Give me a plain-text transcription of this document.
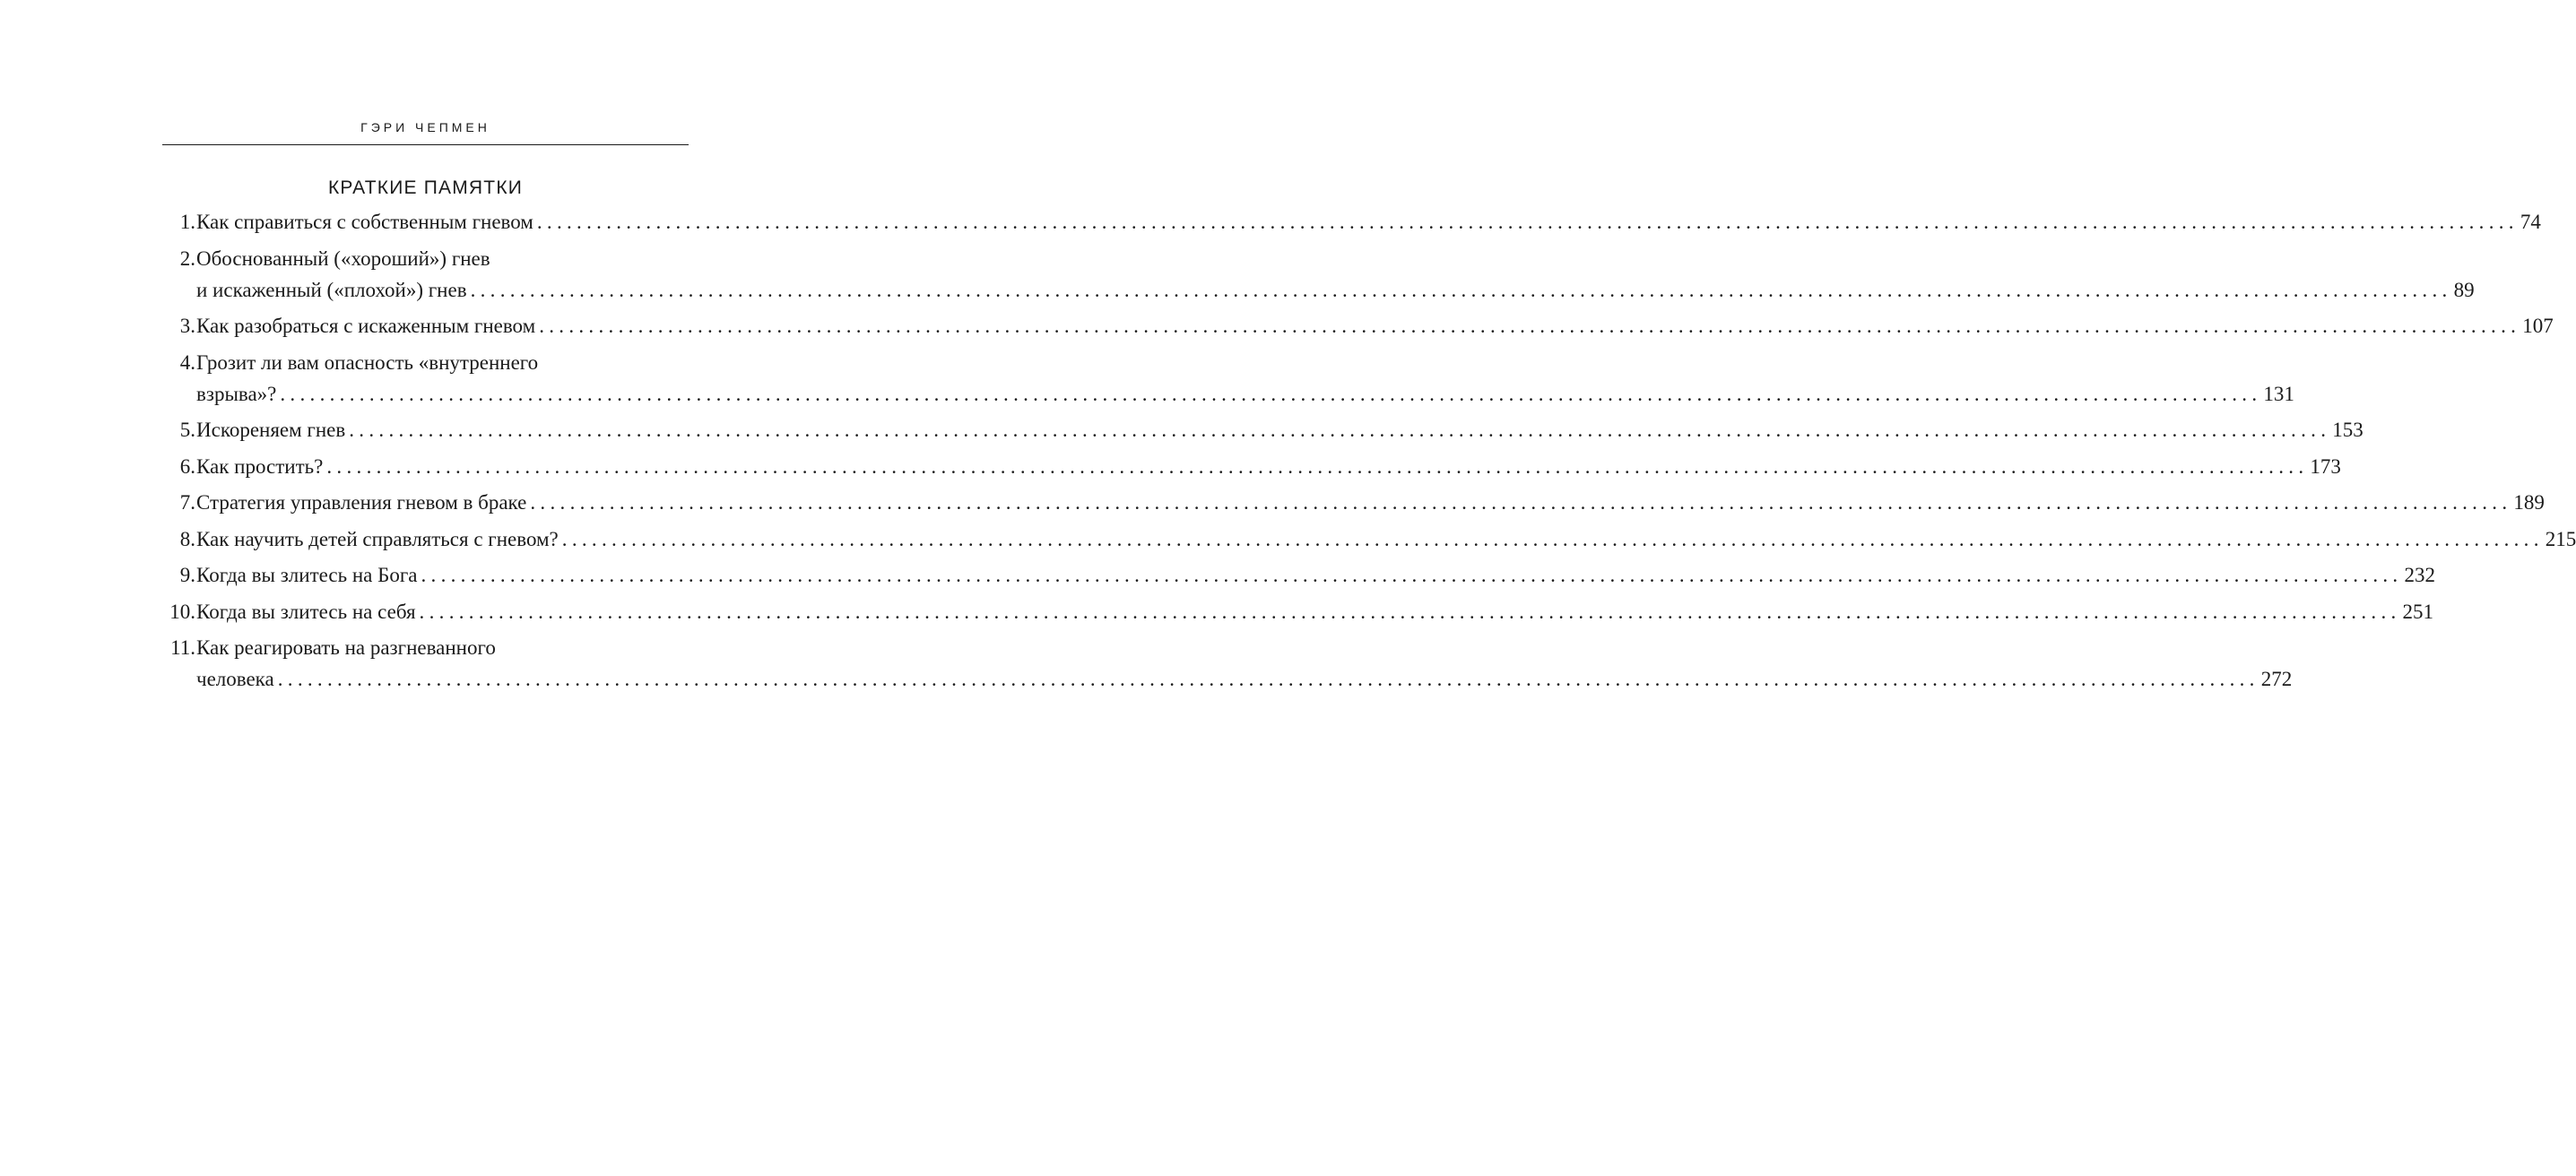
ГЭРИ ЧЕПМЕН
КРАТКИЕ ПАМЯТКИ
1. Как справиться с собственным гневом ........................................................................................................................................................................................................ 74
2. Обоснованный («хороший») гнев
и искаженный («плохой») гнев ........................................................................................................................................................................................................ 89
3. Как разобраться с искаженным гневом ........................................................................................................................................................................................................ 107
4. Грозит ли вам опасность «внутреннего
взрыва»? ........................................................................................................................................................................................................ 131
5. Искореняем гнев ........................................................................................................................................................................................................ 153
6. Как простить? ........................................................................................................................................................................................................ 173
7. Стратегия управления гневом в браке ........................................................................................................................................................................................................ 189
8. Как научить детей справляться с гневом? ........................................................................................................................................................................................................ 215
9. Когда вы злитесь на Бога ........................................................................................................................................................................................................ 232
10. Когда вы злитесь на себя ........................................................................................................................................................................................................ 251
11. Как реагировать на разгневанного
человека ........................................................................................................................................................................................................ 272
